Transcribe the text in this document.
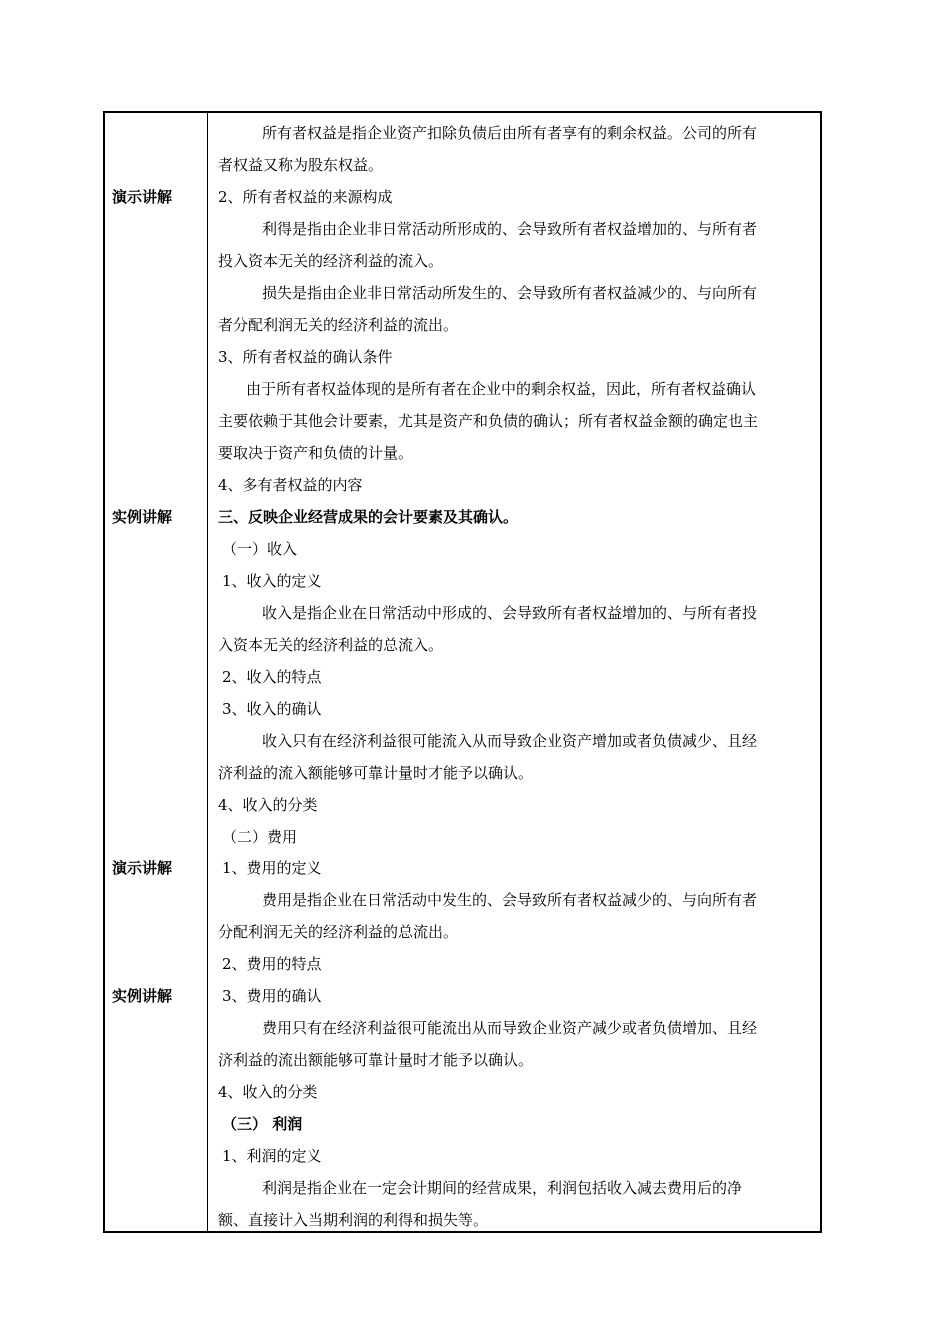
演示讲解
实例讲解
演示讲解
实例讲解
所有者权益是指企业资产扣除负债后由所有者享有的剩余权益。公司的所有
者权益又称为股东权益。
2、所有者权益的来源构成
利得是指由企业非日常活动所形成的、会导致所有者权益增加的、与所有者
投入资本无关的经济利益的流入。
损失是指由企业非日常活动所发生的、会导致所有者权益减少的、与向所有
者分配利润无关的经济利益的流出。
3、所有者权益的确认条件
由于所有者权益体现的是所有者在企业中的剩余权益，因此，所有者权益确认
主要依赖于其他会计要素，尤其是资产和负债的确认；所有者权益金额的确定也主
要取决于资产和负债的计量。
4、多有者权益的内容
三、反映企业经营成果的会计要素及其确认。
（一）收入
1、收入的定义
收入是指企业在日常活动中形成的、会导致所有者权益增加的、与所有者投
入资本无关的经济利益的总流入。
2、收入的特点
3、收入的确认
收入只有在经济利益很可能流入从而导致企业资产增加或者负债减少、且经
济利益的流入额能够可靠计量时才能予以确认。
4、收入的分类
（二）费用
1、费用的定义
费用是指企业在日常活动中发生的、会导致所有者权益减少的、与向所有者
分配利润无关的经济利益的总流出。
2、费用的特点
3、费用的确认
费用只有在经济利益很可能流出从而导致企业资产减少或者负债增加、且经
济利益的流出额能够可靠计量时才能予以确认。
4、收入的分类
（三） 利润
1、利润的定义
利润是指企业在一定会计期间的经营成果，利润包括收入减去费用后的净
额、直接计入当期利润的利得和损失等。
